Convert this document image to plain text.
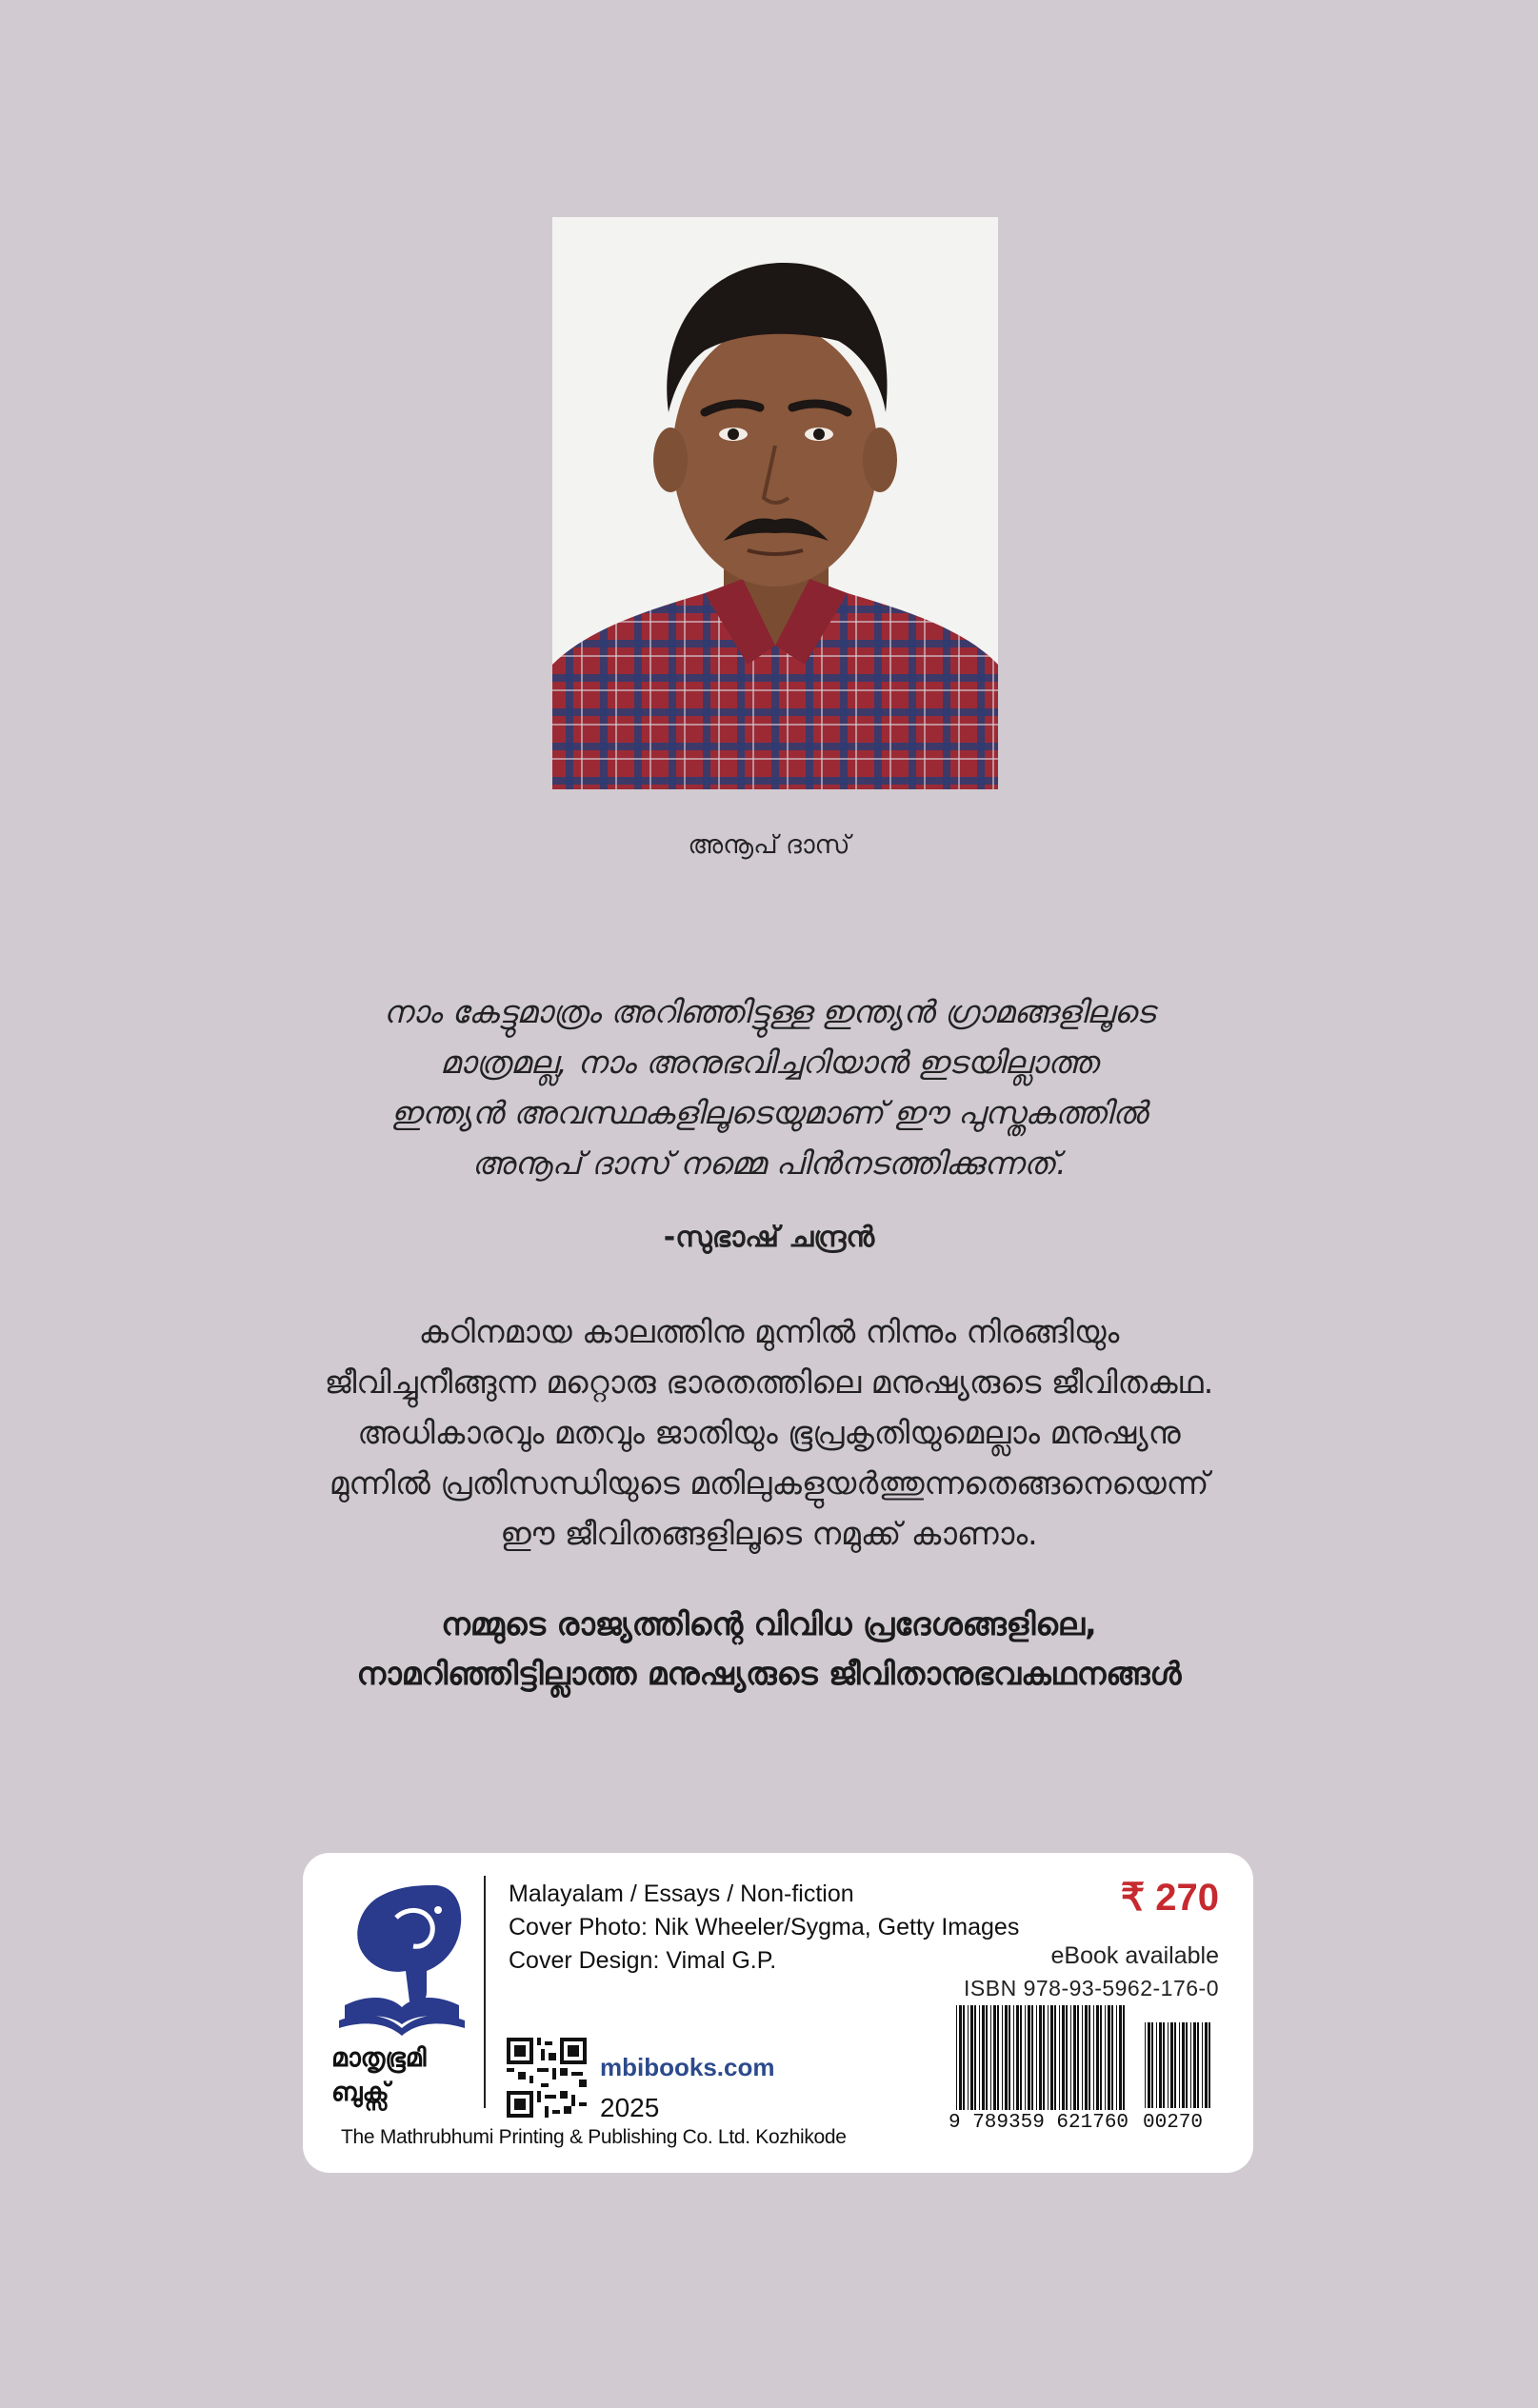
അനൂപ് ദാസ്
നാം കേട്ടുമാത്രം അറിഞ്ഞിട്ടുള്ള ഇന്ത്യൻ ഗ്രാമങ്ങളിലൂടെ
മാത്രമല്ല, നാം അനുഭവിച്ചറിയാൻ ഇടയില്ലാത്ത
ഇന്ത്യൻ അവസ്ഥകളിലൂടെയുമാണ് ഈ പുസ്തകത്തിൽ
അനൂപ് ദാസ് നമ്മെ പിൻനടത്തിക്കുന്നത്.
-സുഭാഷ് ചന്ദ്രൻ
കഠിനമായ കാലത്തിനു മുന്നിൽ നിന്നും നിരങ്ങിയും
ജീവിച്ചുനീങ്ങുന്ന മറ്റൊരു ഭാരതത്തിലെ മനുഷ്യരുടെ ജീവിതകഥ.
അധികാരവും മതവും ജാതിയും ഭൂപ്രകൃതിയുമെല്ലാം മനുഷ്യനു
മുന്നിൽ പ്രതിസന്ധിയുടെ മതിലുകളുയർത്തുന്നതെങ്ങനെയെന്ന്
ഈ ജീവിതങ്ങളിലൂടെ നമുക്ക് കാണാം.
നമ്മുടെ രാജ്യത്തിന്റെ വിവിധ പ്രദേശങ്ങളിലെ,
നാമറിഞ്ഞിട്ടില്ലാത്ത മനുഷ്യരുടെ ജീവിതാനുഭവകഥനങ്ങൾ
മാതൃഭൂമി
ബുക്സ്
The Mathrubhumi Printing & Publishing Co. Ltd. Kozhikode
Malayalam / Essays / Non-fiction
Cover Photo: Nik Wheeler/Sygma, Getty Images
Cover Design: Vimal G.P.
mbibooks.com
2025
₹ 270
eBook available
ISBN 978-93-5962-176-0
9 789359 621760 00270
